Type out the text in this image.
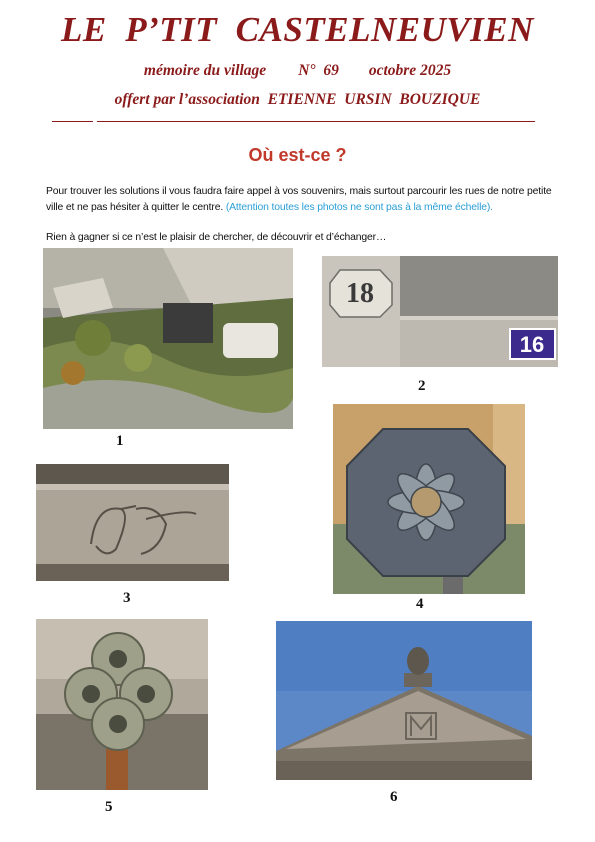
LE  P’TIT  CASTELNEUVIEN
mémoire du village N°  69 octobre 2025
offert par l’association  ETIENNE  URSIN  BOUZIQUE
Où est-ce ?
Pour trouver les solutions il vous faudra faire appel à vos souvenirs, mais surtout parcourir les rues de notre petite ville et ne pas hésiter à quitter le centre. (Attention toutes les photos ne sont pas à la même échelle).
Rien à gagner si ce n’est le plaisir de chercher, de découvrir et d’échanger…
1
18
16
2
3	4
5
6
